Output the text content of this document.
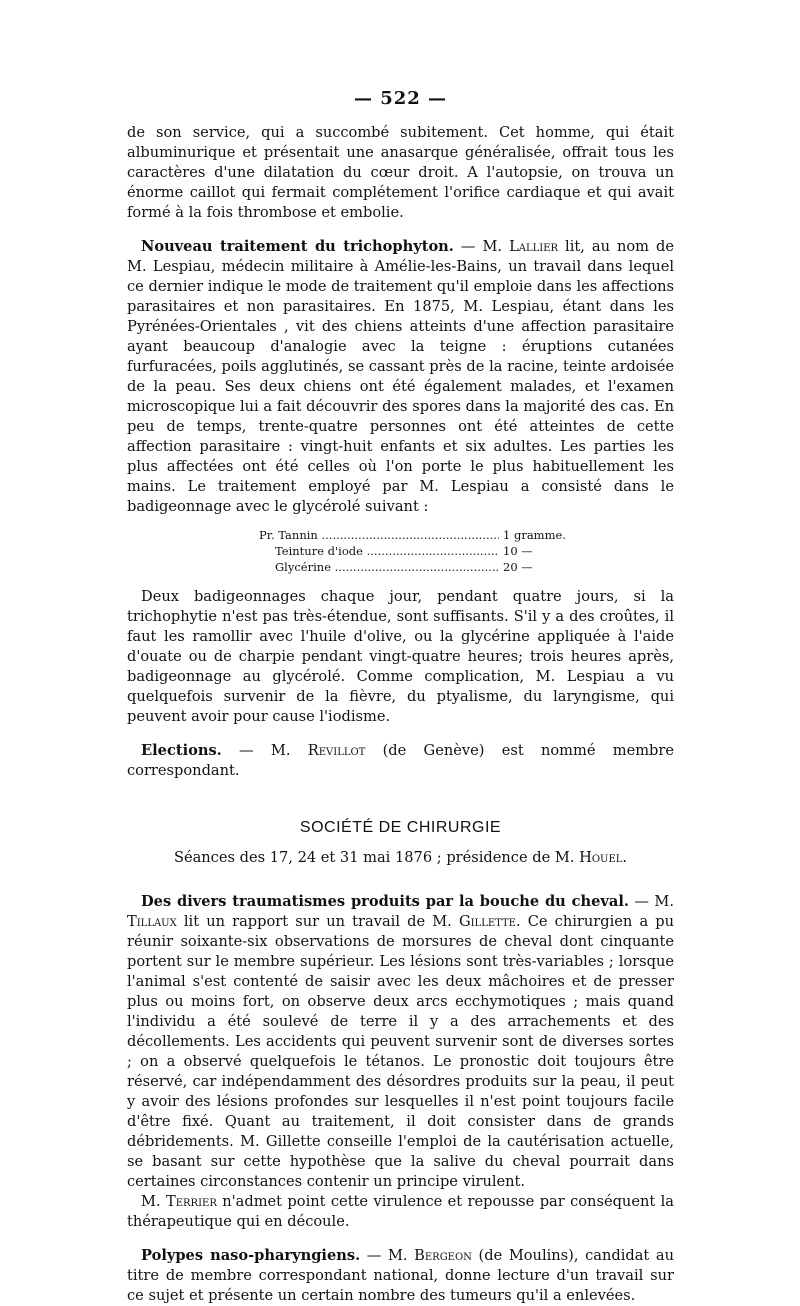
— 522 —

de son service, qui a succombé subitement. Cet homme, qui était albuminurique et présentait une anasarque généralisée, offrait tous les caractères d'une dilatation du cœur droit. A l'autopsie, on trouva un énorme caillot qui fermait complétement l'orifice cardiaque et qui avait formé à la fois thrombose et embolie.

Nouveau traitement du trichophyton. — M. Lallier lit, au nom de M. Lespiau, médecin militaire à Amélie-les-Bains, un travail dans lequel ce dernier indique le mode de traitement qu'il emploie dans les affections parasitaires et non parasitaires. En 1875, M. Lespiau, étant dans les Pyrénées-Orientales , vit des chiens atteints d'une affection parasitaire ayant beaucoup d'analogie avec la teigne : éruptions cutanées furfuracées, poils agglutinés, se cassant près de la racine, teinte ardoisée de la peau. Ses deux chiens ont été également malades, et l'examen microscopique lui a fait découvrir des spores dans la majorité des cas. En peu de temps, trente-quatre personnes ont été atteintes de cette affection parasitaire : vingt-huit enfants et six adultes. Les parties les plus affectées ont été celles où l'on porte le plus habituellement les mains. Le traitement employé par M. Lespiau a consisté dans le badigeonnage avec le glycérolé suivant :

Pr. Tannin .....	1 gramme.
Teinture d'iode .....	10 —
Glycérine .....	20 —

Deux badigeonnages chaque jour, pendant quatre jours, si la trichophytie n'est pas très-étendue, sont suffisants. S'il y a des croûtes, il faut les ramollir avec l'huile d'olive, ou la glycérine appliquée à l'aide d'ouate ou de charpie pendant vingt-quatre heures; trois heures après, badigeonnage au glycérolé. Comme complication, M. Lespiau a vu quelquefois survenir de la fièvre, du ptyalisme, du laryngisme, qui peuvent avoir pour cause l'iodisme.

Elections. — M. Revillot (de Genève) est nommé membre correspondant.

SOCIÉTÉ DE CHIRURGIE
Séances des 17, 24 et 31 mai 1876 ; présidence de M. Houel.

Des divers traumatismes produits par la bouche du cheval. — M. Tillaux lit un rapport sur un travail de M. Gillette. Ce chirurgien a pu réunir soixante-six observations de morsures de cheval dont cinquante portent sur le membre supérieur. Les lésions sont très-variables ; lorsque l'animal s'est contenté de saisir avec les deux mâchoires et de presser plus ou moins fort, on observe deux arcs ecchymotiques ; mais quand l'individu a été soulevé de terre il y a des arrachements et des décollements. Les accidents qui peuvent survenir sont de diverses sortes ; on a observé quelquefois le tétanos. Le pronostic doit toujours être réservé, car indépendamment des désordres produits sur la peau, il peut y avoir des lésions profondes sur lesquelles il n'est point toujours facile d'être fixé. Quant au traitement, il doit consister dans de grands débridements. M. Gillette conseille l'emploi de la cautérisation actuelle, se basant sur cette hypothèse que la salive du cheval pourrait dans certaines circonstances contenir un principe virulent.

M. Terrier n'admet point cette virulence et repousse par conséquent la thérapeutique qui en découle.

Polypes naso-pharyngiens. — M. Bergeon (de Moulins), candidat au titre de membre correspondant national, donne lecture d'un travail sur ce sujet et présente un certain nombre des tumeurs qu'il a enlevées.
